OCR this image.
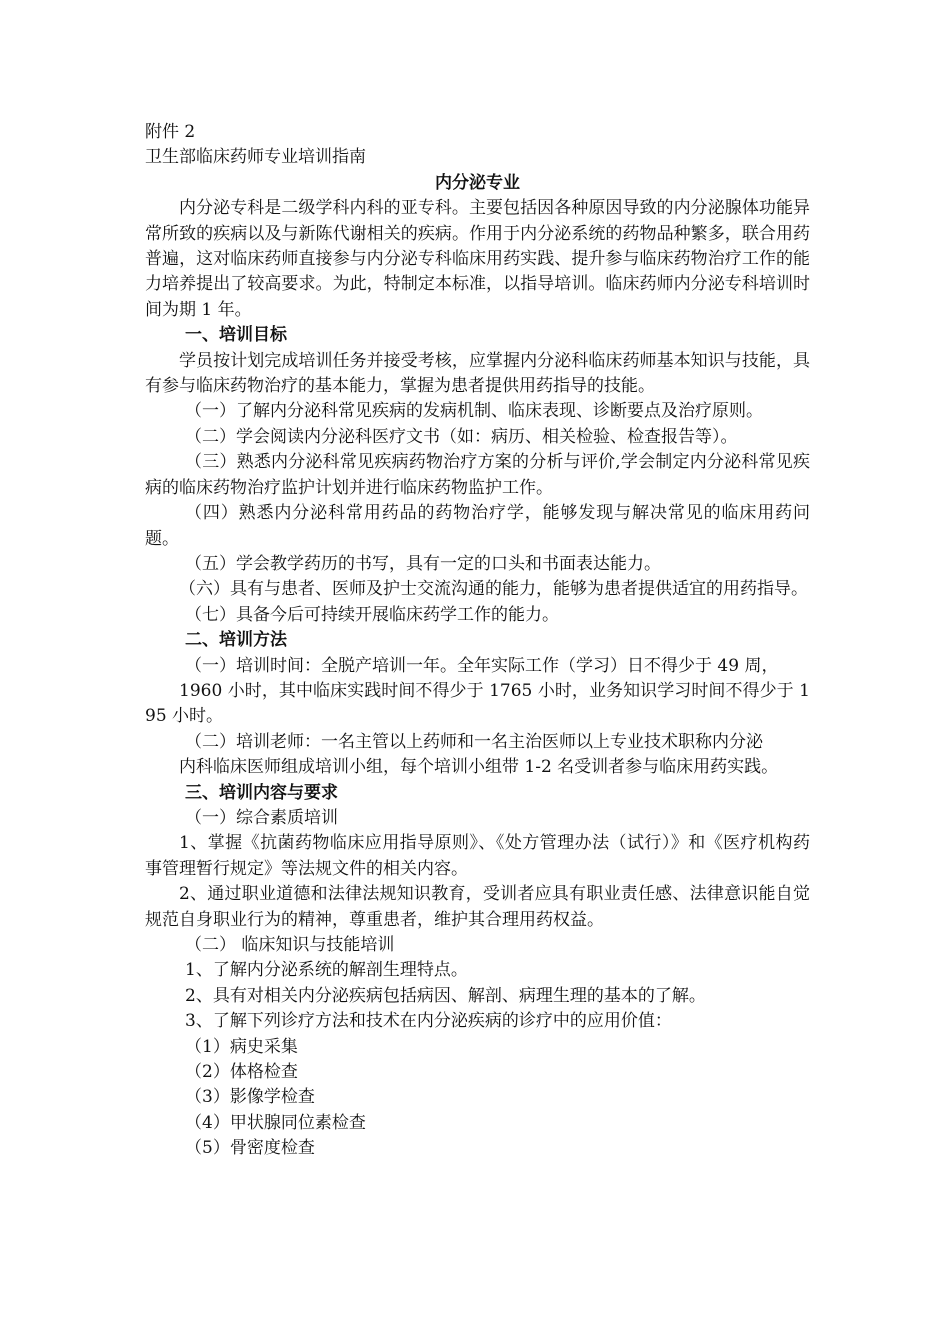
附件 2
卫生部临床药师专业培训指南
内分泌专业

内分泌专科是二级学科内科的亚专科。主要包括因各种原因导致的内分泌腺体功能异常所致的疾病以及与新陈代谢相关的疾病。作用于内分泌系统的药物品种繁多，联合用药普遍，这对临床药师直接参与内分泌专科临床用药实践、提升参与临床药物治疗工作的能力培养提出了较高要求。为此，特制定本标准，以指导培训。临床药师内分泌专科培训时间为期 1 年。

一、培训目标

学员按计划完成培训任务并接受考核，应掌握内分泌科临床药师基本知识与技能，具有参与临床药物治疗的基本能力，掌握为患者提供用药指导的技能。

（一）了解内分泌科常见疾病的发病机制、临床表现、诊断要点及治疗原则。

（二）学会阅读内分泌科医疗文书（如：病历、相关检验、检查报告等）。

（三）熟悉内分泌科常见疾病药物治疗方案的分析与评价,学会制定内分泌科常见疾病的临床药物治疗监护计划并进行临床药物监护工作。

（四）熟悉内分泌科常用药品的药物治疗学，能够发现与解决常见的临床用药问题。

（五）学会教学药历的书写，具有一定的口头和书面表达能力。

（六）具有与患者、医师及护士交流沟通的能力，能够为患者提供适宜的用药指导。

（七）具备今后可持续开展临床药学工作的能力。

二、培训方法

（一）培训时间：全脱产培训一年。全年实际工作（学习）日不得少于 49 周，

1960 小时，其中临床实践时间不得少于 1765 小时，业务知识学习时间不得少于 195 小时。

（二）培训老师：一名主管以上药师和一名主治医师以上专业技术职称内分泌

内科临床医师组成培训小组，每个培训小组带 1-2 名受训者参与临床用药实践。

三、培训内容与要求
（一）综合素质培训

1、掌握《抗菌药物临床应用指导原则》、《处方管理办法（试行）》和《医疗机构药事管理暂行规定》等法规文件的相关内容。

2、通过职业道德和法律法规知识教育，受训者应具有职业责任感、法律意识能自觉规范自身职业行为的精神，尊重患者，维护其合理用药权益。

（二） 临床知识与技能培训
1、了解内分泌系统的解剖生理特点。
2、具有对相关内分泌疾病包括病因、解剖、病理生理的基本的了解。
3、了解下列诊疗方法和技术在内分泌疾病的诊疗中的应用价值：
（1）病史采集
（2）体格检查
（3）影像学检查
（4）甲状腺同位素检查
（5）骨密度检查
